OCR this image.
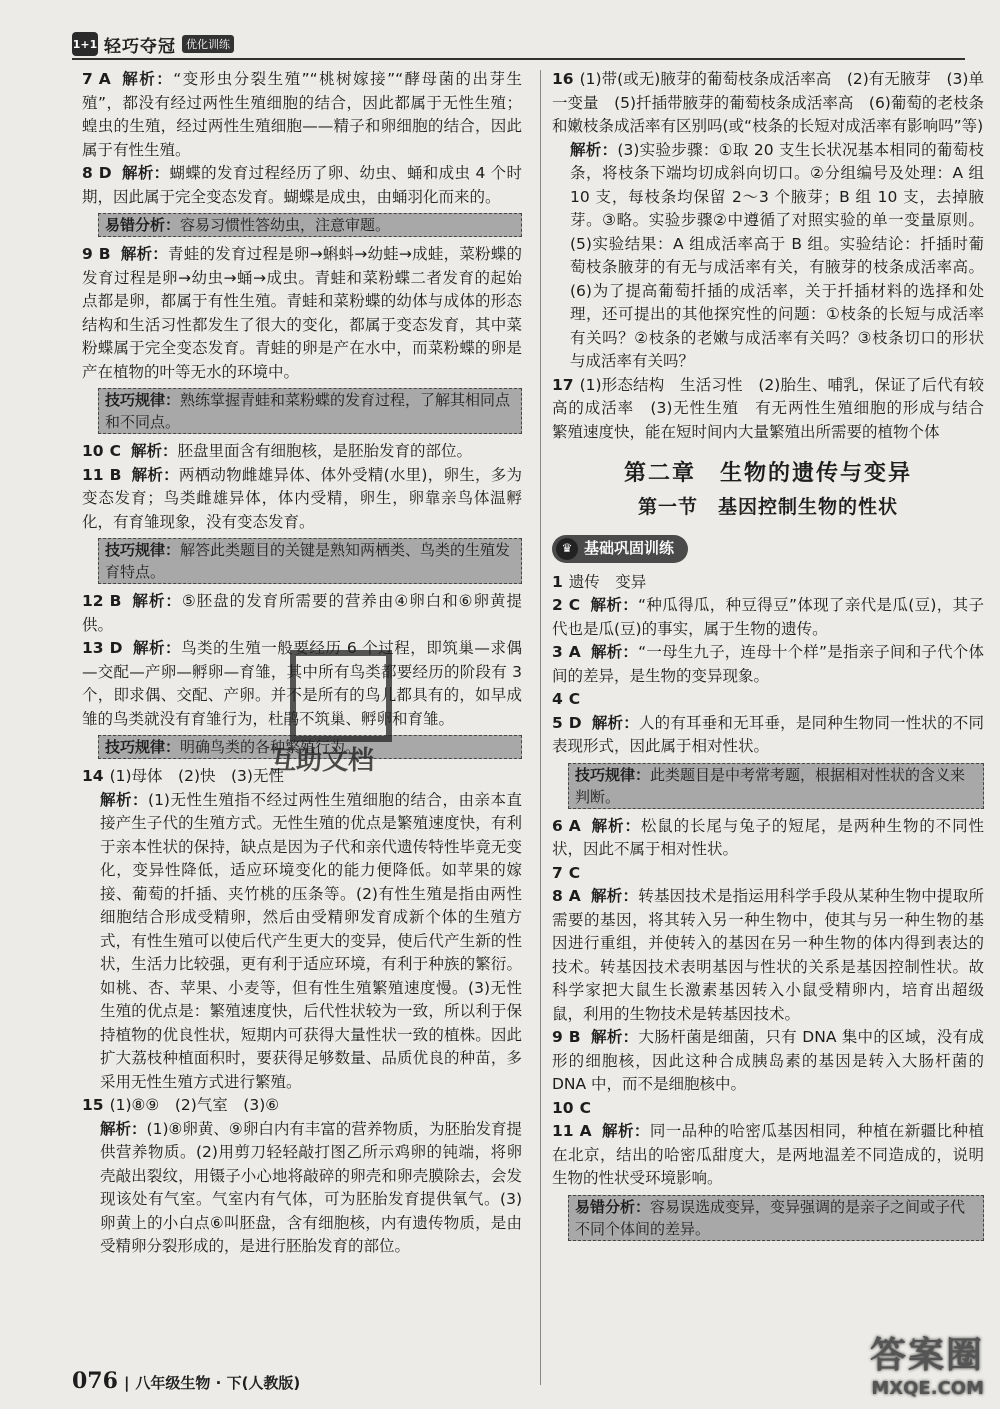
1+1 轻巧夺冠 优化训练
7 A 解析：“变形虫分裂生殖”“桃树嫁接”“酵母菌的出芽生殖”，都没有经过两性生殖细胞的结合，因此都属于无性生殖；蝗虫的生殖，经过两性生殖细胞——精子和卵细胞的结合，因此属于有性生殖。
8 D 解析：蝴蝶的发育过程经历了卵、幼虫、蛹和成虫 4 个时期，因此属于完全变态发育。蝴蝶是成虫，由蛹羽化而来的。
易错分析：容易习惯性答幼虫，注意审题。
9 B 解析：青蛙的发育过程是卵→蝌蚪→幼蛙→成蛙，菜粉蝶的发育过程是卵→幼虫→蛹→成虫。青蛙和菜粉蝶二者发育的起始点都是卵，都属于有性生殖。青蛙和菜粉蝶的幼体与成体的形态结构和生活习性都发生了很大的变化，都属于变态发育，其中菜粉蝶属于完全变态发育。青蛙的卵是产在水中，而菜粉蝶的卵是产在植物的叶等无水的环境中。
技巧规律：熟练掌握青蛙和菜粉蝶的发育过程，了解其相同点和不同点。
10 C 解析：胚盘里面含有细胞核，是胚胎发育的部位。
11 B 解析：两栖动物雌雄异体、体外受精(水里)，卵生，多为变态发育；鸟类雌雄异体，体内受精，卵生，卵靠亲鸟体温孵化，有育雏现象，没有变态发育。
技巧规律：解答此类题目的关键是熟知两栖类、鸟类的生殖发育特点。
12 B 解析：⑤胚盘的发育所需要的营养由④卵白和⑥卵黄提供。
13 D 解析：鸟类的生殖一般要经历 6 个过程，即筑巢—求偶—交配—产卵—孵卵—育雏，其中所有鸟类都要经历的阶段有 3 个，即求偶、交配、产卵。并不是所有的鸟儿都具有的，如早成雏的鸟类就没有育雏行为，杜鹃不筑巢、孵卵和育雏。
技巧规律：明确鸟类的各种繁殖行为。
14 (1)母体　(2)快　(3)无性
解析：(1)无性生殖指不经过两性生殖细胞的结合，由亲本直接产生子代的生殖方式。无性生殖的优点是繁殖速度快，有利于亲本性状的保持，缺点是因为子代和亲代遗传特性毕竟无变化，变异性降低，适应环境变化的能力便降低。如苹果的嫁接、葡萄的扦插、夹竹桃的压条等。(2)有性生殖是指由两性细胞结合形成受精卵，然后由受精卵发育成新个体的生殖方式，有性生殖可以使后代产生更大的变异，使后代产生新的性状，生活力比较强，更有利于适应环境，有利于种族的繁衍。如桃、杏、苹果、小麦等，但有性生殖繁殖速度慢。(3)无性生殖的优点是：繁殖速度快，后代性状较为一致，所以利于保持植物的优良性状，短期内可获得大量性状一致的植株。因此扩大荔枝种植面积时，要获得足够数量、品质优良的种苗，多采用无性生殖方式进行繁殖。
15 (1)⑧⑨　(2)气室　(3)⑥
解析：(1)⑧卵黄、⑨卵白内有丰富的营养物质，为胚胎发育提供营养物质。(2)用剪刀轻轻敲打图乙所示鸡卵的钝端，将卵壳敲出裂纹，用镊子小心地将敲碎的卵壳和卵壳膜除去，会发现该处有气室。气室内有气体，可为胚胎发育提供氧气。(3)卵黄上的小白点⑥叫胚盘，含有细胞核，内有遗传物质，是由受精卵分裂形成的，是进行胚胎发育的部位。
16 (1)带(或无)腋芽的葡萄枝条成活率高　(2)有无腋芽　(3)单一变量　(5)扦插带腋芽的葡萄枝条成活率高　(6)葡萄的老枝条和嫩枝条成活率有区别吗(或“枝条的长短对成活率有影响吗”等)
解析：(3)实验步骤：①取 20 支生长状况基本相同的葡萄枝条，将枝条下端均切成斜向切口。②分组编号及处理：A 组 10 支，每枝条均保留 2～3 个腋芽；B 组 10 支，去掉腋芽。③略。实验步骤②中遵循了对照实验的单一变量原则。(5)实验结果：A 组成活率高于 B 组。实验结论：扦插时葡萄枝条腋芽的有无与成活率有关，有腋芽的枝条成活率高。(6)为了提高葡萄扦插的成活率，关于扦插材料的选择和处理，还可提出的其他探究性的问题：①枝条的长短与成活率有关吗？②枝条的老嫩与成活率有关吗？③枝条切口的形状与成活率有关吗？
17 (1)形态结构　生活习性　(2)胎生、哺乳，保证了后代有较高的成活率　(3)无性生殖　有无两性生殖细胞的形成与结合　繁殖速度快，能在短时间内大量繁殖出所需要的植物个体
第二章　生物的遗传与变异
第一节　基因控制生物的性状
♛ 基础巩固训练
1 遗传　变异
2 C 解析：“种瓜得瓜，种豆得豆”体现了亲代是瓜(豆)，其子代也是瓜(豆)的事实，属于生物的遗传。
3 A 解析：“一母生九子，连母十个样”是指亲子间和子代个体间的差异，是生物的变异现象。
4 C
5 D 解析：人的有耳垂和无耳垂，是同种生物同一性状的不同表现形式，因此属于相对性状。
技巧规律：此类题目是中考常考题，根据相对性状的含义来判断。
6 A 解析：松鼠的长尾与兔子的短尾，是两种生物的不同性状，因此不属于相对性状。
7 C
8 A 解析：转基因技术是指运用科学手段从某种生物中提取所需要的基因，将其转入另一种生物中，使其与另一种生物的基因进行重组，并使转入的基因在另一种生物的体内得到表达的技术。转基因技术表明基因与性状的关系是基因控制性状。故科学家把大鼠生长激素基因转入小鼠受精卵内，培育出超级鼠，利用的生物技术是转基因技术。
9 B 解析：大肠杆菌是细菌，只有 DNA 集中的区域，没有成形的细胞核，因此这种合成胰岛素的基因是转入大肠杆菌的 DNA 中，而不是细胞核中。
10 C
11 A 解析：同一品种的哈密瓜基因相同，种植在新疆比种植在北京，结出的哈密瓜甜度大，是两地温差不同造成的，说明生物的性状受环境影响。
易错分析：容易误选成变异，变异强调的是亲子之间或子代不同个体间的差异。
互助文档
076 | 八年级生物 · 下(人教版)
答案圈
MXQE.COM
